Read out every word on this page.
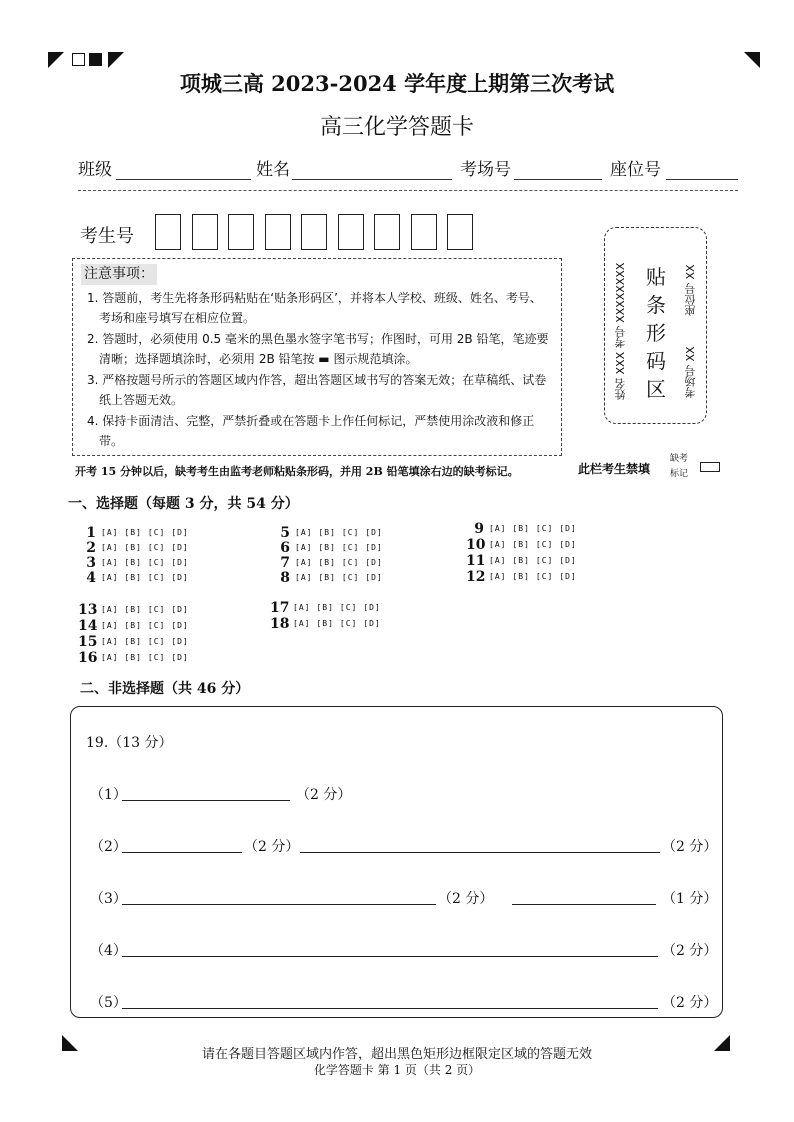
项城三高 2023-2024 学年度上期第三次考试
高三化学答题卡
班级	姓名	考场号	座位号
考生号
姓名 XXX 考号 XXXXXXXX 贴条形码区
座位号 XX
考场号 XX
注意事项：
1. 答题前，考生先将条形码粘贴在‘贴条形码区’，并将本人学校、班级、姓名、考号、考场和座号填写在相应位置。
2. 答题时，必须使用 0.5 毫米的黑色墨水签字笔书写；作图时，可用 2B 铅笔，笔迹要清晰；选择题填涂时，必须用 2B 铅笔按 ▬ 图示规范填涂。
3. 严格按题号所示的答题区域内作答，超出答题区域书写的答案无效；在草稿纸、试卷纸上答题无效。
4. 保持卡面清洁、完整，严禁折叠或在答题卡上作任何标记，严禁使用涂改液和修正带。
开考 15 分钟以后，缺考考生由监考老师粘贴条形码，并用 2B 铅笔填涂右边的缺考标记。	此栏考生禁填
缺考标记
一、选择题（每题 3 分，共 54 分）
1 [A] [B] [C] [D]
2 [A] [B] [C] [D]
3 [A] [B] [C] [D]
4 [A] [B] [C] [D]
5 [A] [B] [C] [D]
6 [A] [B] [C] [D]
7 [A] [B] [C] [D]
8 [A] [B] [C] [D]
9 [A] [B] [C] [D]
10 [A] [B] [C] [D]
11 [A] [B] [C] [D]
12 [A] [B] [C] [D]
13 [A] [B] [C] [D]
14 [A] [B] [C] [D]
15 [A] [B] [C] [D]
16 [A] [B] [C] [D]
17 [A] [B] [C] [D]
18 [A] [B] [C] [D]
二、非选择题（共 46 分）
19.（13 分）
（1）	（2 分）
（2）	（2 分）	（2 分）
（3）	（2 分）	（1 分）
（4）	（2 分）
（5）	（2 分）
请在各题目答题区域内作答，超出黑色矩形边框限定区域的答题无效
化学答题卡 第 1 页（共 2 页）
